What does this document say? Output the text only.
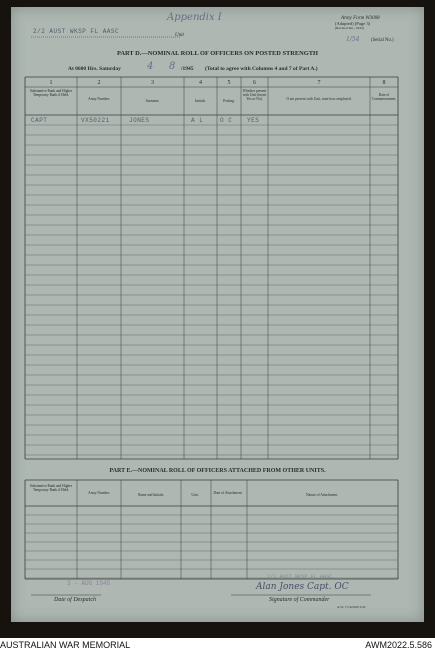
2/2 AUST WKSP FL AASC
Unit
Appendix I	Army Form W3008
(Adapted) (Page 3)
(Revised Jan., 1943)
1/54 (Serial No.)
PART D.—NOMINAL ROLL OF OFFICERS ON POSTED STRENGTH
At 0600 Hrs. Saturday	4 8 /1945 (Total to agree with Columns 4 and 7 of Part A.)
1	2	3	4	5	6	7	8
Substantive Rank and Higher Temporary Rank if Held.
Army Number.	Surname.	Initials.	Posting.
Whether present with Unit (insert Yes or No).	If not present with Unit, state how employed.
Date of Commencement.
CAPT	VX50221	JONES	A L	O C YES
PART E.—NOMINAL ROLL OF OFFICERS ATTACHED FROM OTHER UNITS.
Substantive Rank and Higher Temporary Rank if Held.
Army Number.	Name and Initials.	Unit.	Date of Attachment.	Nature of Attachment.
3 - AUG 1945
Date of Despatch
2/2 AUST WKSP FL AASC
Alan Jones Capt. OC
Signature of Commander
A.W. 17/44 600 3/45
AUSTRALIAN WAR MEMORIAL	AWM2022.5.586
